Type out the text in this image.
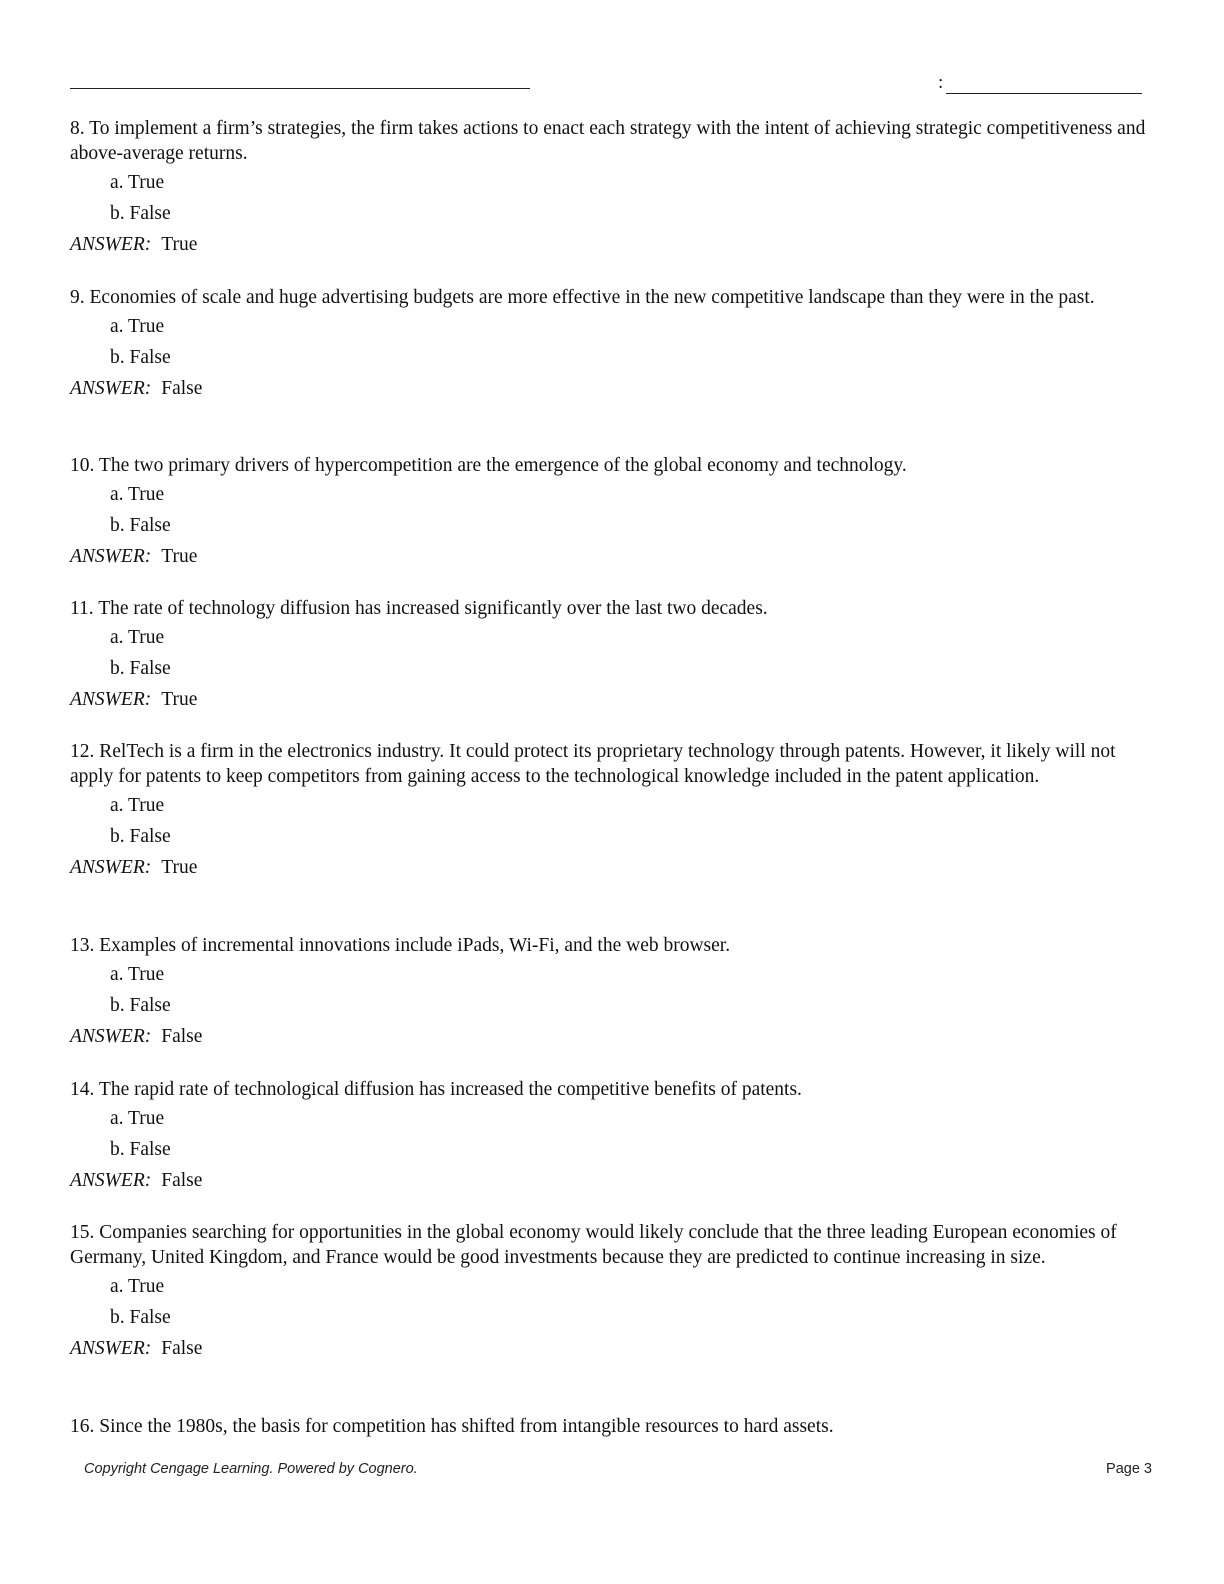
:

8. To implement a firm’s strategies, the firm takes actions to enact each strategy with the intent of achieving strategic competitiveness and above-average returns.

a. True
b. False
ANSWER: True

9. Economies of scale and huge advertising budgets are more effective in the new competitive landscape than they were in the past.

a. True
b. False
ANSWER: False

10. The two primary drivers of hypercompetition are the emergence of the global economy and technology.

a. True
b. False
ANSWER: True

11. The rate of technology diffusion has increased significantly over the last two decades.

a. True
b. False
ANSWER: True

12. RelTech is a firm in the electronics industry. It could protect its proprietary technology through patents. However, it likely will not apply for patents to keep competitors from gaining access to the technological knowledge included in the patent application.

a. True
b. False
ANSWER: True

13. Examples of incremental innovations include iPads, Wi-Fi, and the web browser.

a. True
b. False
ANSWER: False

14. The rapid rate of technological diffusion has increased the competitive benefits of patents.

a. True
b. False
ANSWER: False

15. Companies searching for opportunities in the global economy would likely conclude that the three leading European economies of Germany, United Kingdom, and France would be good investments because they are predicted to continue increasing in size.

a. True
b. False
ANSWER: False

16. Since the 1980s, the basis for competition has shifted from intangible resources to hard assets.

Copyright Cengage Learning. Powered by Cognero.	Page 3
